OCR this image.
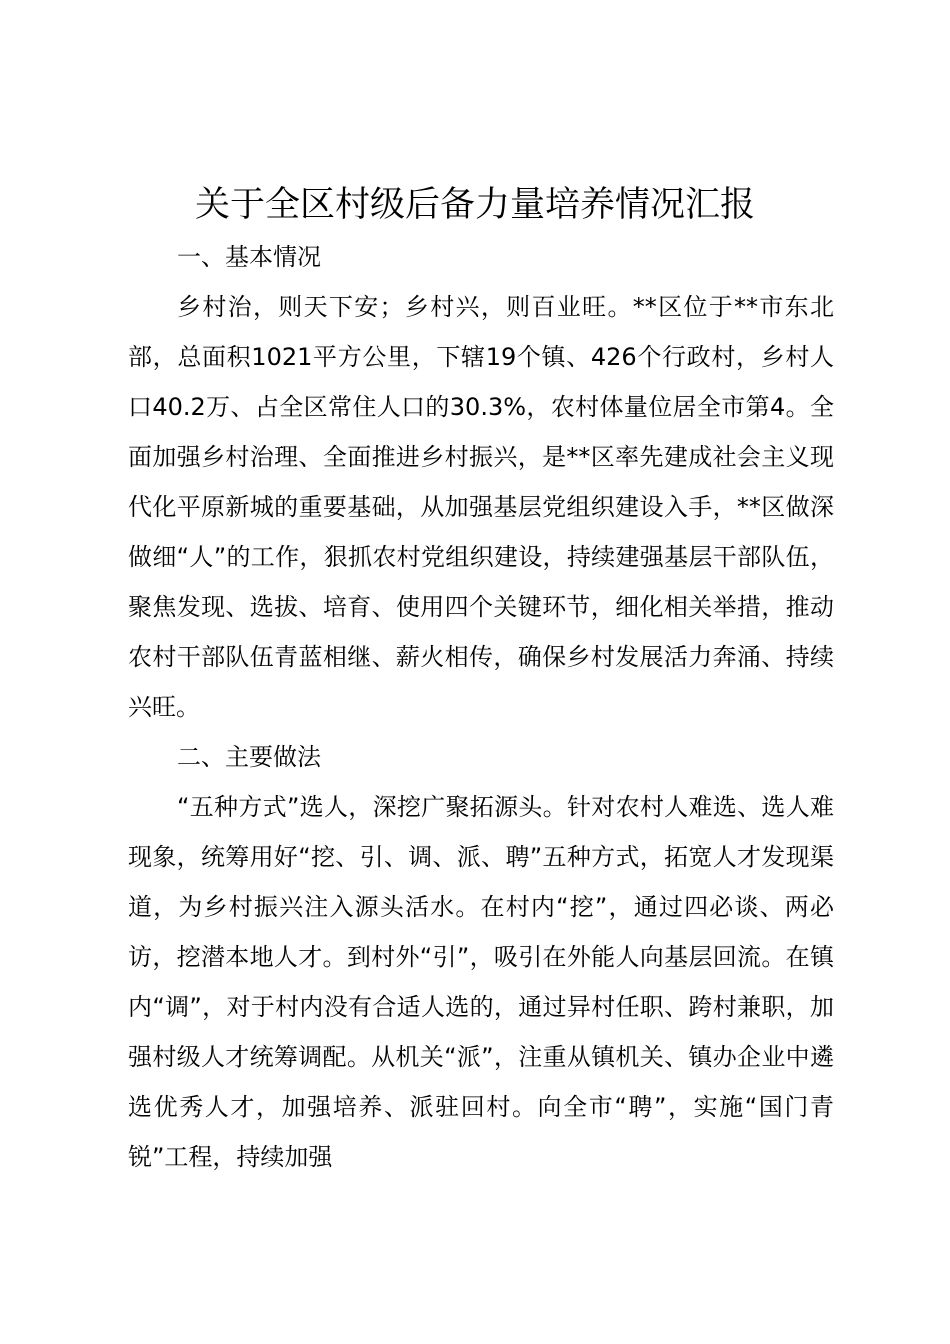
关于全区村级后备力量培养情况汇报

一、基本情况

乡村治，则天下安；乡村兴，则百业旺。**区位于**市东北部，总面积1021平方公里，下辖19个镇、426个行政村，乡村人口40.2万、占全区常住人口的30.3%，农村体量位居全市第4。全面加强乡村治理、全面推进乡村振兴，是**区率先建成社会主义现代化平原新城的重要基础，从加强基层党组织建设入手，**区做深做细“人”的工作，狠抓农村党组织建设，持续建强基层干部队伍，聚焦发现、选拔、培育、使用四个关键环节，细化相关举措，推动农村干部队伍青蓝相继、薪火相传，确保乡村发展活力奔涌、持续兴旺。

二、主要做法

“五种方式”选人，深挖广聚拓源头。针对农村人难选、选人难现象，统筹用好“挖、引、调、派、聘”五种方式，拓宽人才发现渠道，为乡村振兴注入源头活水。在村内“挖”，通过四必谈、两必访，挖潜本地人才。到村外“引”，吸引在外能人向基层回流。在镇内“调”，对于村内没有合适人选的，通过异村任职、跨村兼职，加强村级人才统筹调配。从机关“派”，注重从镇机关、镇办企业中遴选优秀人才，加强培养、派驻回村。向全市“聘”，实施“国门青锐”工程，持续加强
